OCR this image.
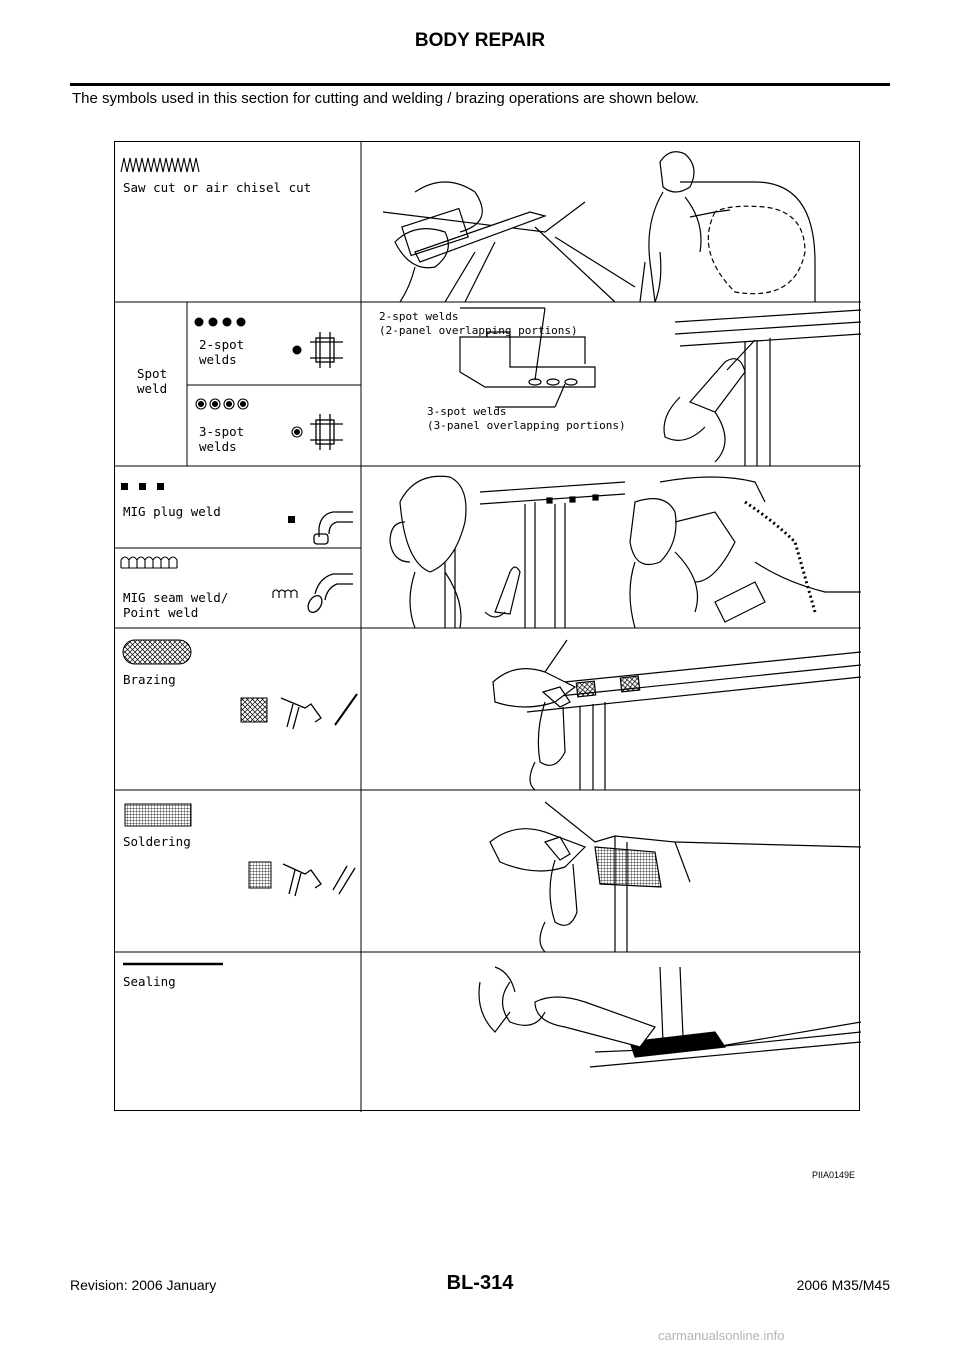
BODY REPAIR
The symbols used in this section for cutting and welding / brazing operations are shown below.
Saw cut or air chisel cut
Spot
weld
2-spot
welds
3-spot
welds
2-spot welds
(2-panel overlapping portions)
3-spot welds
(3-panel overlapping portions)
MIG plug weld
MIG seam weld/
Point weld
Brazing
Soldering
Sealing
PIIA0149E
Revision: 2006 January	BL-314	2006 M35/M45
carmanualsonline.info
